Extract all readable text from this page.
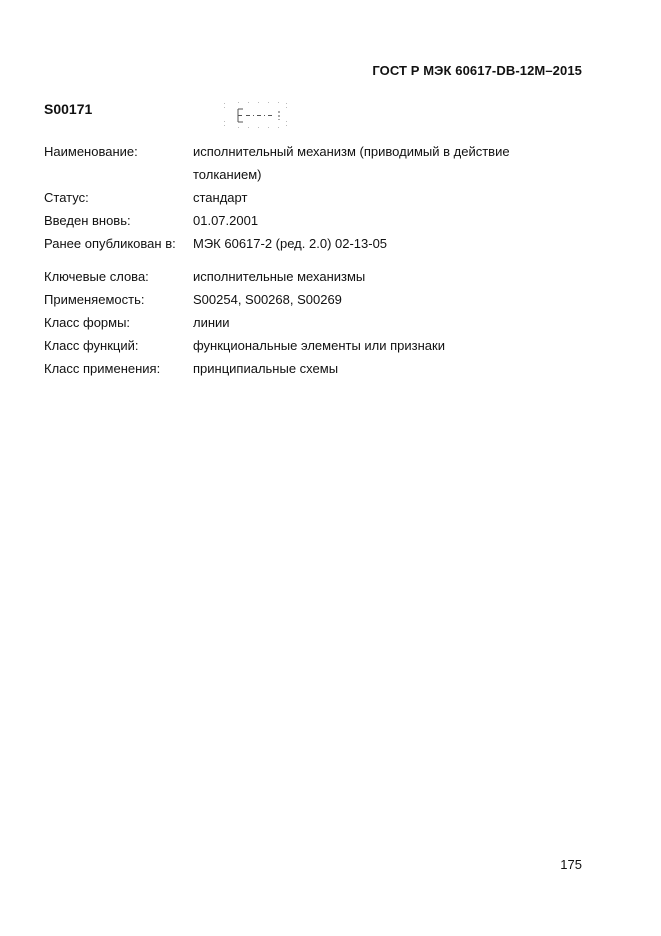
ГОСТ Р МЭК 60617-DB-12M–2015
S00171
Наименование:	исполнительный механизм (приводимый в действие толканием)
Статус:	стандарт
Введен вновь:	01.07.2001
Ранее опубликован в:	МЭК 60617-2 (ред. 2.0) 02-13-05
Ключевые слова:	исполнительные механизмы
Применяемость:	S00254, S00268, S00269
Класс формы:	линии
Класс функций:	функциональные элементы или признаки
Класс применения:	принципиальные схемы
175
